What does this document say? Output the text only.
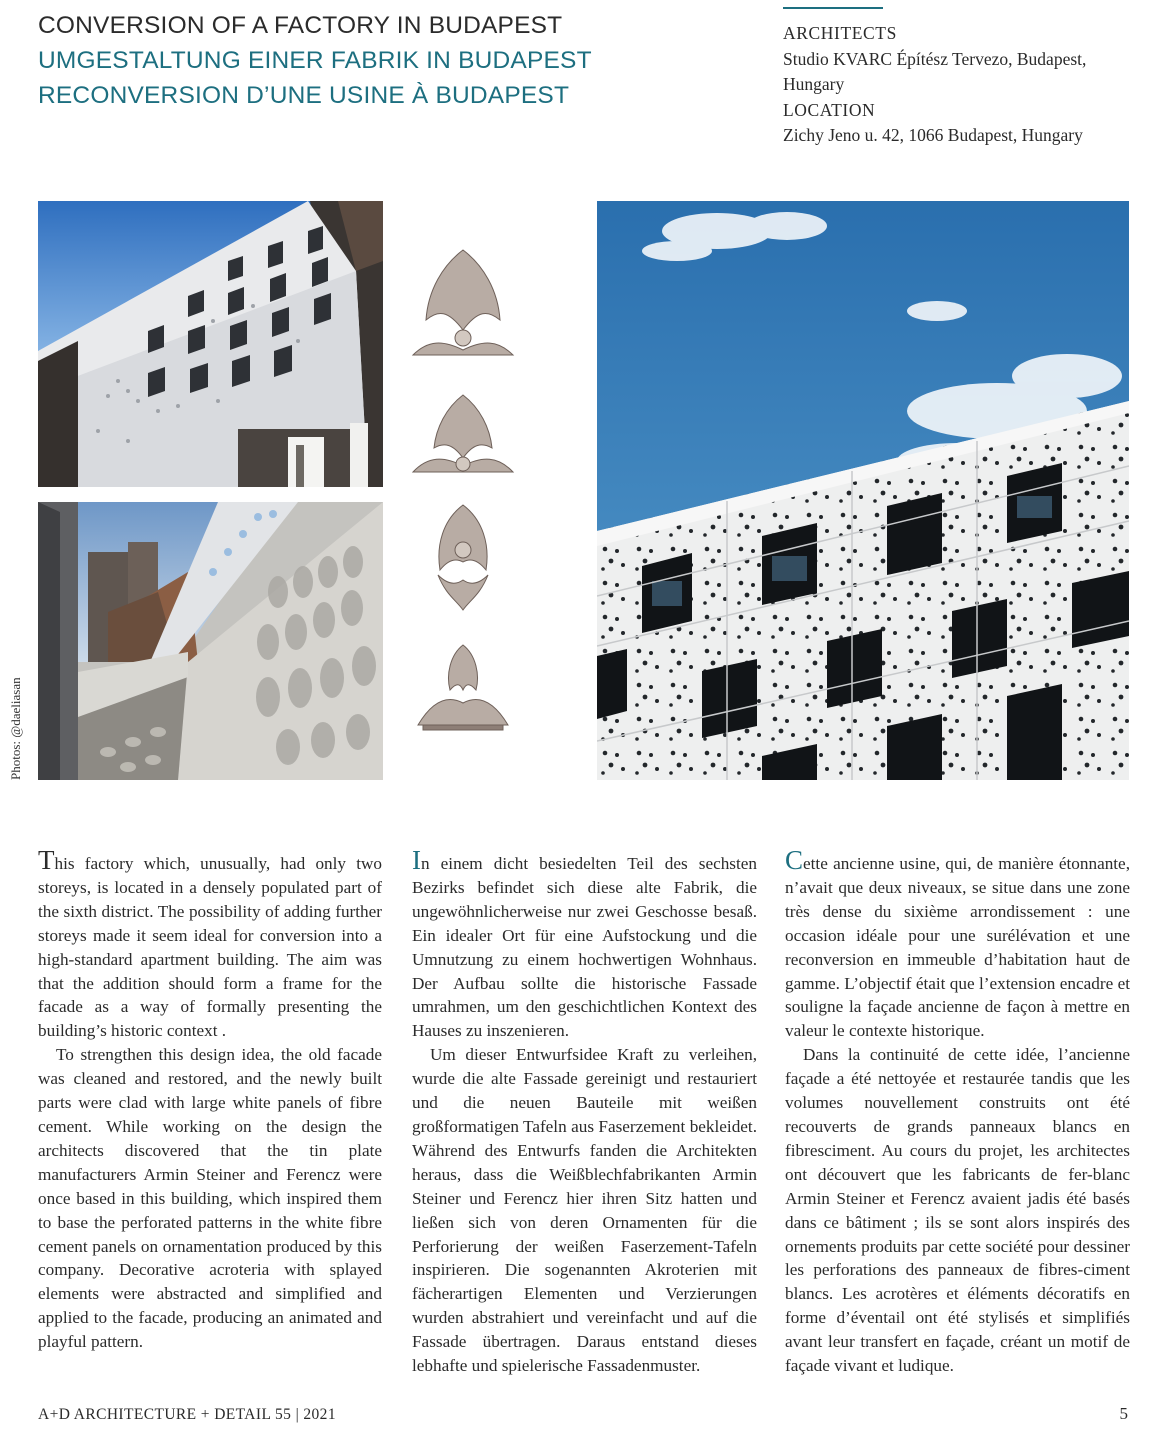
CONVERSION OF A FACTORY IN BUDAPEST
UMGESTALTUNG EINER FABRIK IN BUDAPEST
RECONVERSION D’UNE USINE À BUDAPEST
ARCHITECTS
Studio KVARC Építész Tervezo, Budapest,
Hungary
LOCATION
Zichy Jeno u. 42, 1066 Budapest, Hungary
Photos: @daeliasan

This factory which, unusually, had only two storeys, is located in a densely populated part of the sixth district. The possibility of adding further storeys made it seem ideal for conversion into a high-standard apartment building. The aim was that the addition should form a frame for the facade as a way of formally presenting the building’s historic context .

To strengthen this design idea, the old facade was cleaned and restored, and the newly built parts were clad with large white panels of fibre cement. While working on the design the architects discovered that the tin plate manufacturers Armin Steiner and Ferencz were once based in this building, which inspired them to base the perforated patterns in the white fibre cement panels on ornamentation produced by this company. Decorative acroteria with splayed elements were abstracted and simplified and applied to the facade, producing an animated and playful pattern.

In einem dicht besiedelten Teil des sechsten Bezirks befindet sich diese alte Fabrik, die ungewöhnlicherweise nur zwei Geschosse besaß. Ein idealer Ort für eine Aufstockung und die Umnutzung zu einem hochwertigen Wohnhaus. Der Aufbau sollte die historische Fassade umrahmen, um den geschichtlichen Kontext des Hauses zu inszenieren.

Um dieser Entwurfsidee Kraft zu verleihen, wurde die alte Fassade gereinigt und restauriert und die neuen Bauteile mit weißen großformatigen Tafeln aus Faserzement bekleidet. Während des Entwurfs fanden die Architekten heraus, dass die Weißblechfabrikanten Armin Steiner und Ferencz hier ihren Sitz hatten und ließen sich von deren Ornamenten für die Perforierung der weißen Faserzement-Tafeln inspirieren. Die sogenannten Akroterien mit fächerartigen Elementen und Verzierungen wurden abstrahiert und vereinfacht und auf die Fassade übertragen. Daraus entstand dieses lebhafte und spielerische Fassadenmuster.

Cette ancienne usine, qui, de manière étonnante, n’avait que deux niveaux, se situe dans une zone très dense du sixième arrondissement : une occasion idéale pour une surélévation et une reconversion en immeuble d’habitation haut de gamme. L’objectif était que l’extension encadre et souligne la façade ancienne de façon à mettre en valeur le contexte historique.

Dans la continuité de cette idée, l’ancienne façade a été nettoyée et restaurée tandis que les volumes nouvellement construits ont été recouverts de grands panneaux blancs en fibresciment. Au cours du projet, les architectes ont découvert que les fabricants de fer-blanc Armin Steiner et Ferencz avaient jadis été basés dans ce bâtiment ; ils se sont alors inspirés des ornements produits par cette société pour dessiner les perforations des panneaux de fibres-ciment blancs. Les acrotères et éléments décoratifs en forme d’éventail ont été stylisés et simplifiés avant leur transfert en façade, créant un motif de façade vivant et ludique.

A+D ARCHITECTURE + DETAIL 55 | 2021	5
